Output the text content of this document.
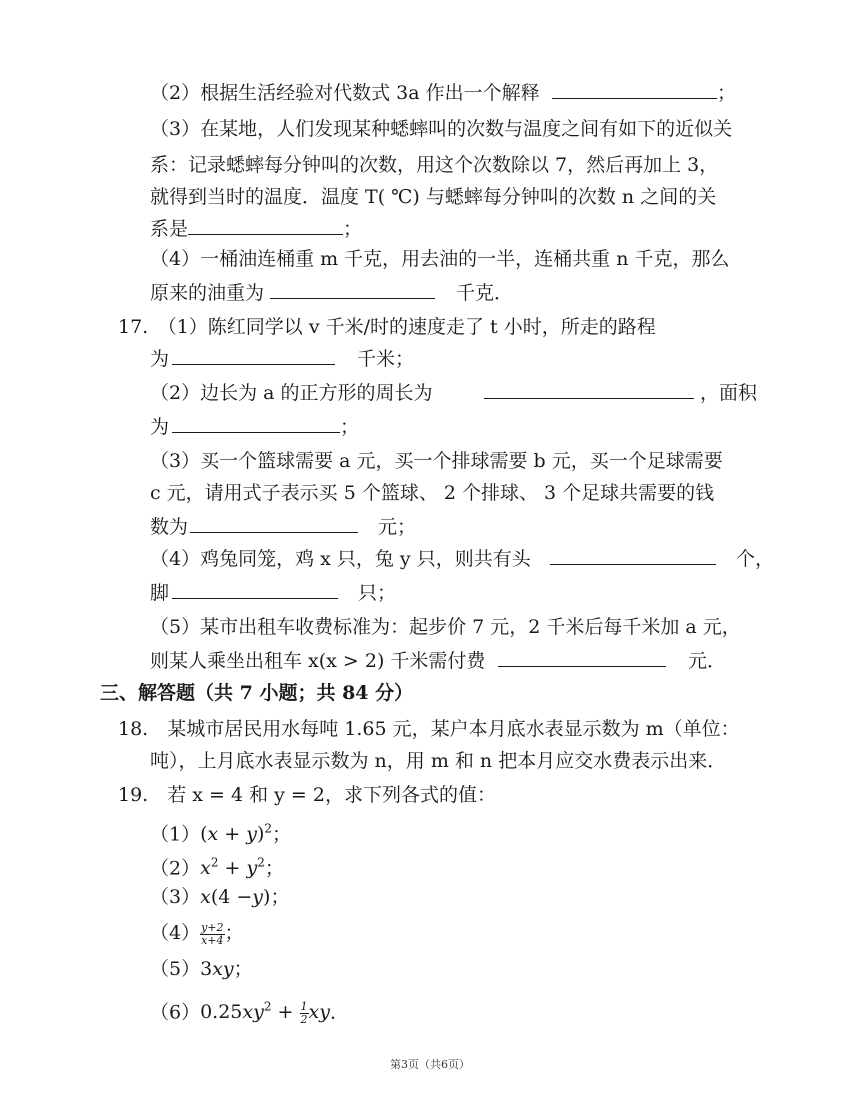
（2）根据生活经验对代数式 3a 作出一个解释	；
（3）在某地，人们发现某种蟋蟀叫的次数与温度之间有如下的近似关
系：记录蟋蟀每分钟叫的次数，用这个次数除以 7，然后再加上 3，
就得到当时的温度．温度 T( ℃) 与蟋蟀每分钟叫的次数 n 之间的关
系是	；
（4）一桶油连桶重 m 千克，用去油的一半，连桶共重 n 千克，那么
原来的油重为	千克．
17.　（1）陈红同学以 v 千米/时的速度走了 t 小时，所走的路程
为	千米；
（2）边长为 a 的正方形的周长为	，面积
为	；
（3）买一个篮球需要 a 元，买一个排球需要 b 元，买一个足球需要
c 元，请用式子表示买 5 个篮球、 2 个排球、 3 个足球共需要的钱
数为	元；
（4）鸡兔同笼，鸡 x 只，兔 y 只，则共有头	个，
脚	只；
（5）某市出租车收费标准为：起步价 7 元，2 千米后每千米加 a 元，
则某人乘坐出租车 x(x > 2) 千米需付费	元．
三、解答题（共 7 小题；共 84 分）
18.　某城市居民用水每吨 1.65 元，某户本月底水表显示数为 m（单位：
吨），上月底水表显示数为 n，用 m 和 n 把本月应交水费表示出来．
19.　若 x = 4 和 y = 2，求下列各式的值：
$(1)(x + y)^2$；
$(2)x^2 + y^2$；
（3）x(4 −y)；
$(4) \frac{y+2}{x+4}$ ；
（5）3xy；
$(6)0.25xy^2 + \frac{1}{2}$ xy．
第3页（共6页）
